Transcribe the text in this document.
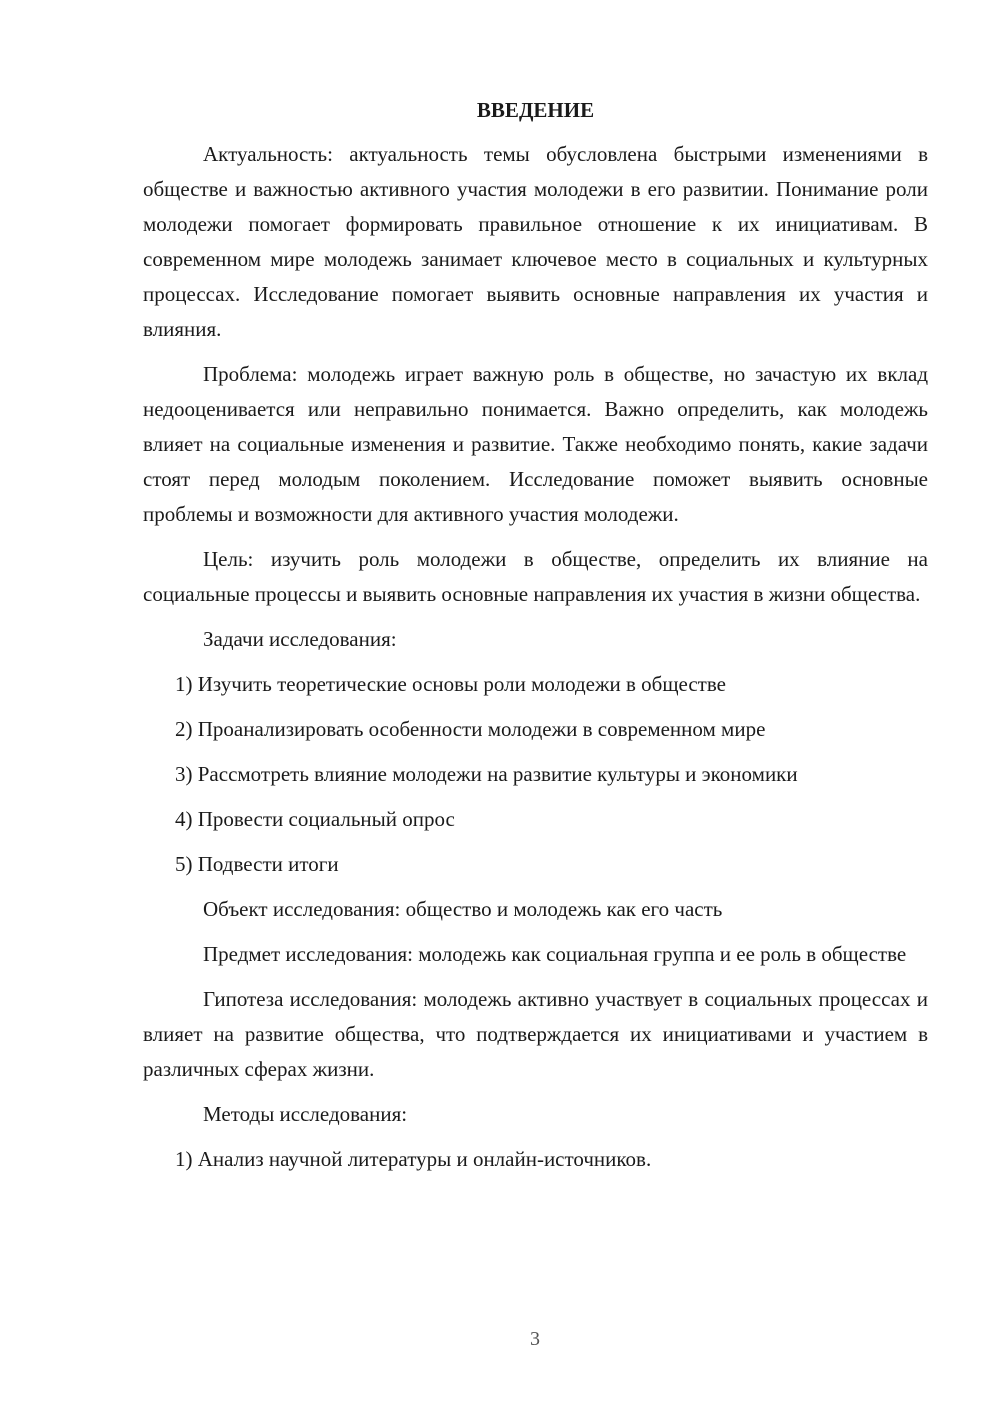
ВВЕДЕНИЕ

Актуальность: актуальность темы обусловлена быстрыми изменениями в обществе и важностью активного участия молодежи в его развитии. Понимание роли молодежи помогает формировать правильное отношение к их инициативам. В современном мире молодежь занимает ключевое место в социальных и культурных процессах. Исследование помогает выявить основные направления их участия и влияния.

Проблема: молодежь играет важную роль в обществе, но зачастую их вклад недооценивается или неправильно понимается. Важно определить, как молодежь влияет на социальные изменения и развитие. Также необходимо понять, какие задачи стоят перед молодым поколением. Исследование поможет выявить основные проблемы и возможности для активного участия молодежи.

Цель: изучить роль молодежи в обществе, определить их влияние на социальные процессы и выявить основные направления их участия в жизни общества.

Задачи исследования:

1) Изучить теоретические основы роли молодежи в обществе
2) Проанализировать особенности молодежи в современном мире
3) Рассмотреть влияние молодежи на развитие культуры и экономики
4) Провести социальный опрос
5) Подвести итоги

Объект исследования: общество и молодежь как его часть

Предмет исследования: молодежь как социальная группа и ее роль в обществе

Гипотеза исследования: молодежь активно участвует в социальных процессах и влияет на развитие общества, что подтверждается их инициативами и участием в различных сферах жизни.

Методы исследования:

1) Анализ научной литературы и онлайн-источников.
3
